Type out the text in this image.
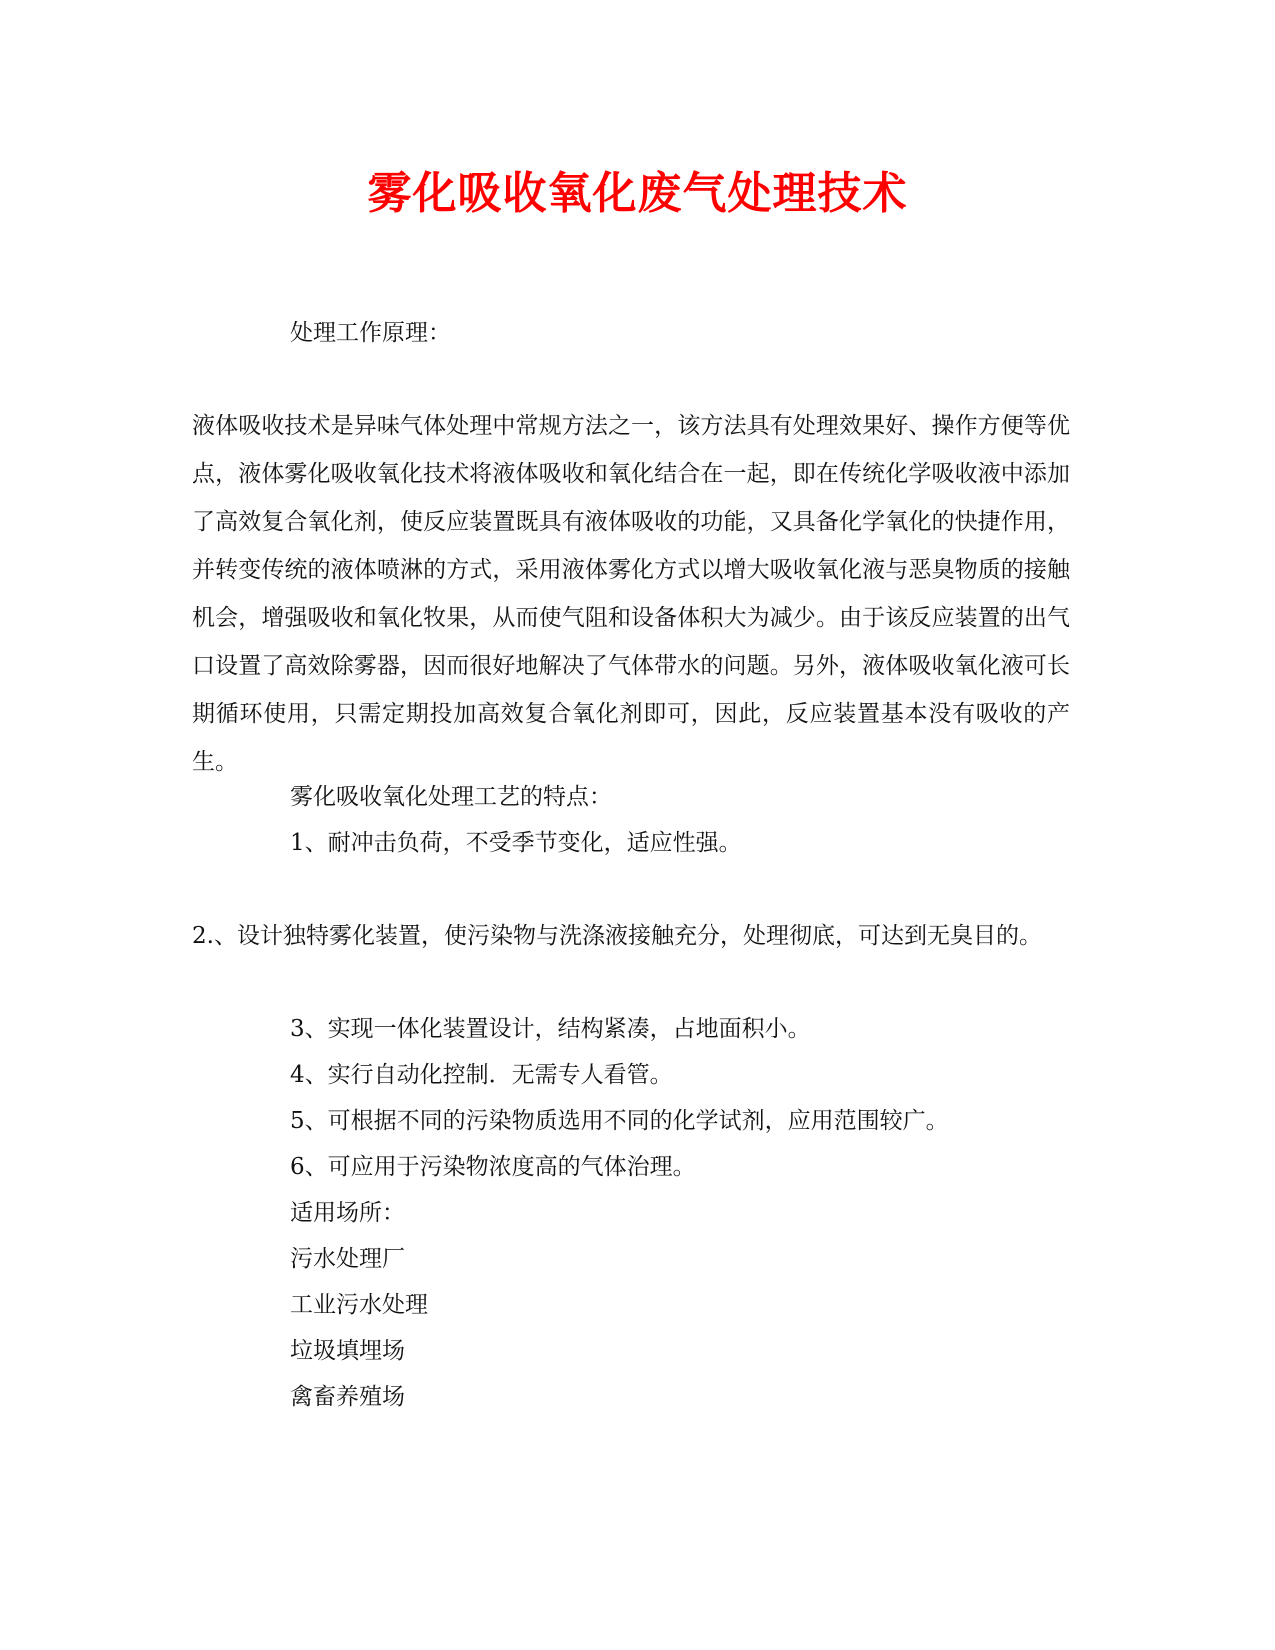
雾化吸收氧化废气处理技术
处理工作原理：
液体吸收技术是异味气体处理中常规方法之一，该方法具有处理效果好、操作方便等优点，液体雾化吸收氧化技术将液体吸收和氧化结合在一起，即在传统化学吸收液中添加了高效复合氧化剂，使反应装置既具有液体吸收的功能，又具备化学氧化的快捷作用，并转变传统的液体喷淋的方式，采用液体雾化方式以增大吸收氧化液与恶臭物质的接触机会，增强吸收和氧化牧果，从而使气阻和设备体积大为减少。由于该反应装置的出气口设置了高效除雾器，因而很好地解决了气体带水的问题。另外，液体吸收氧化液可长期循环使用，只需定期投加高效复合氧化剂即可，因此，反应装置基本没有吸收的产生。
雾化吸收氧化处理工艺的特点：
1、耐冲击负荷，不受季节变化，适应性强。
2.、设计独特雾化装置，使污染物与洗涤液接触充分，处理彻底，可达到无臭目的。
3、实现一体化装置设计，结构紧凑，占地面积小。
4、实行自动化控制．无需专人看管。
5、可根据不同的污染物质选用不同的化学试剂，应用范围较广。
6、可应用于污染物浓度高的气体治理。
适用场所：
污水处理厂
工业污水处理
垃圾填埋场
禽畜养殖场
